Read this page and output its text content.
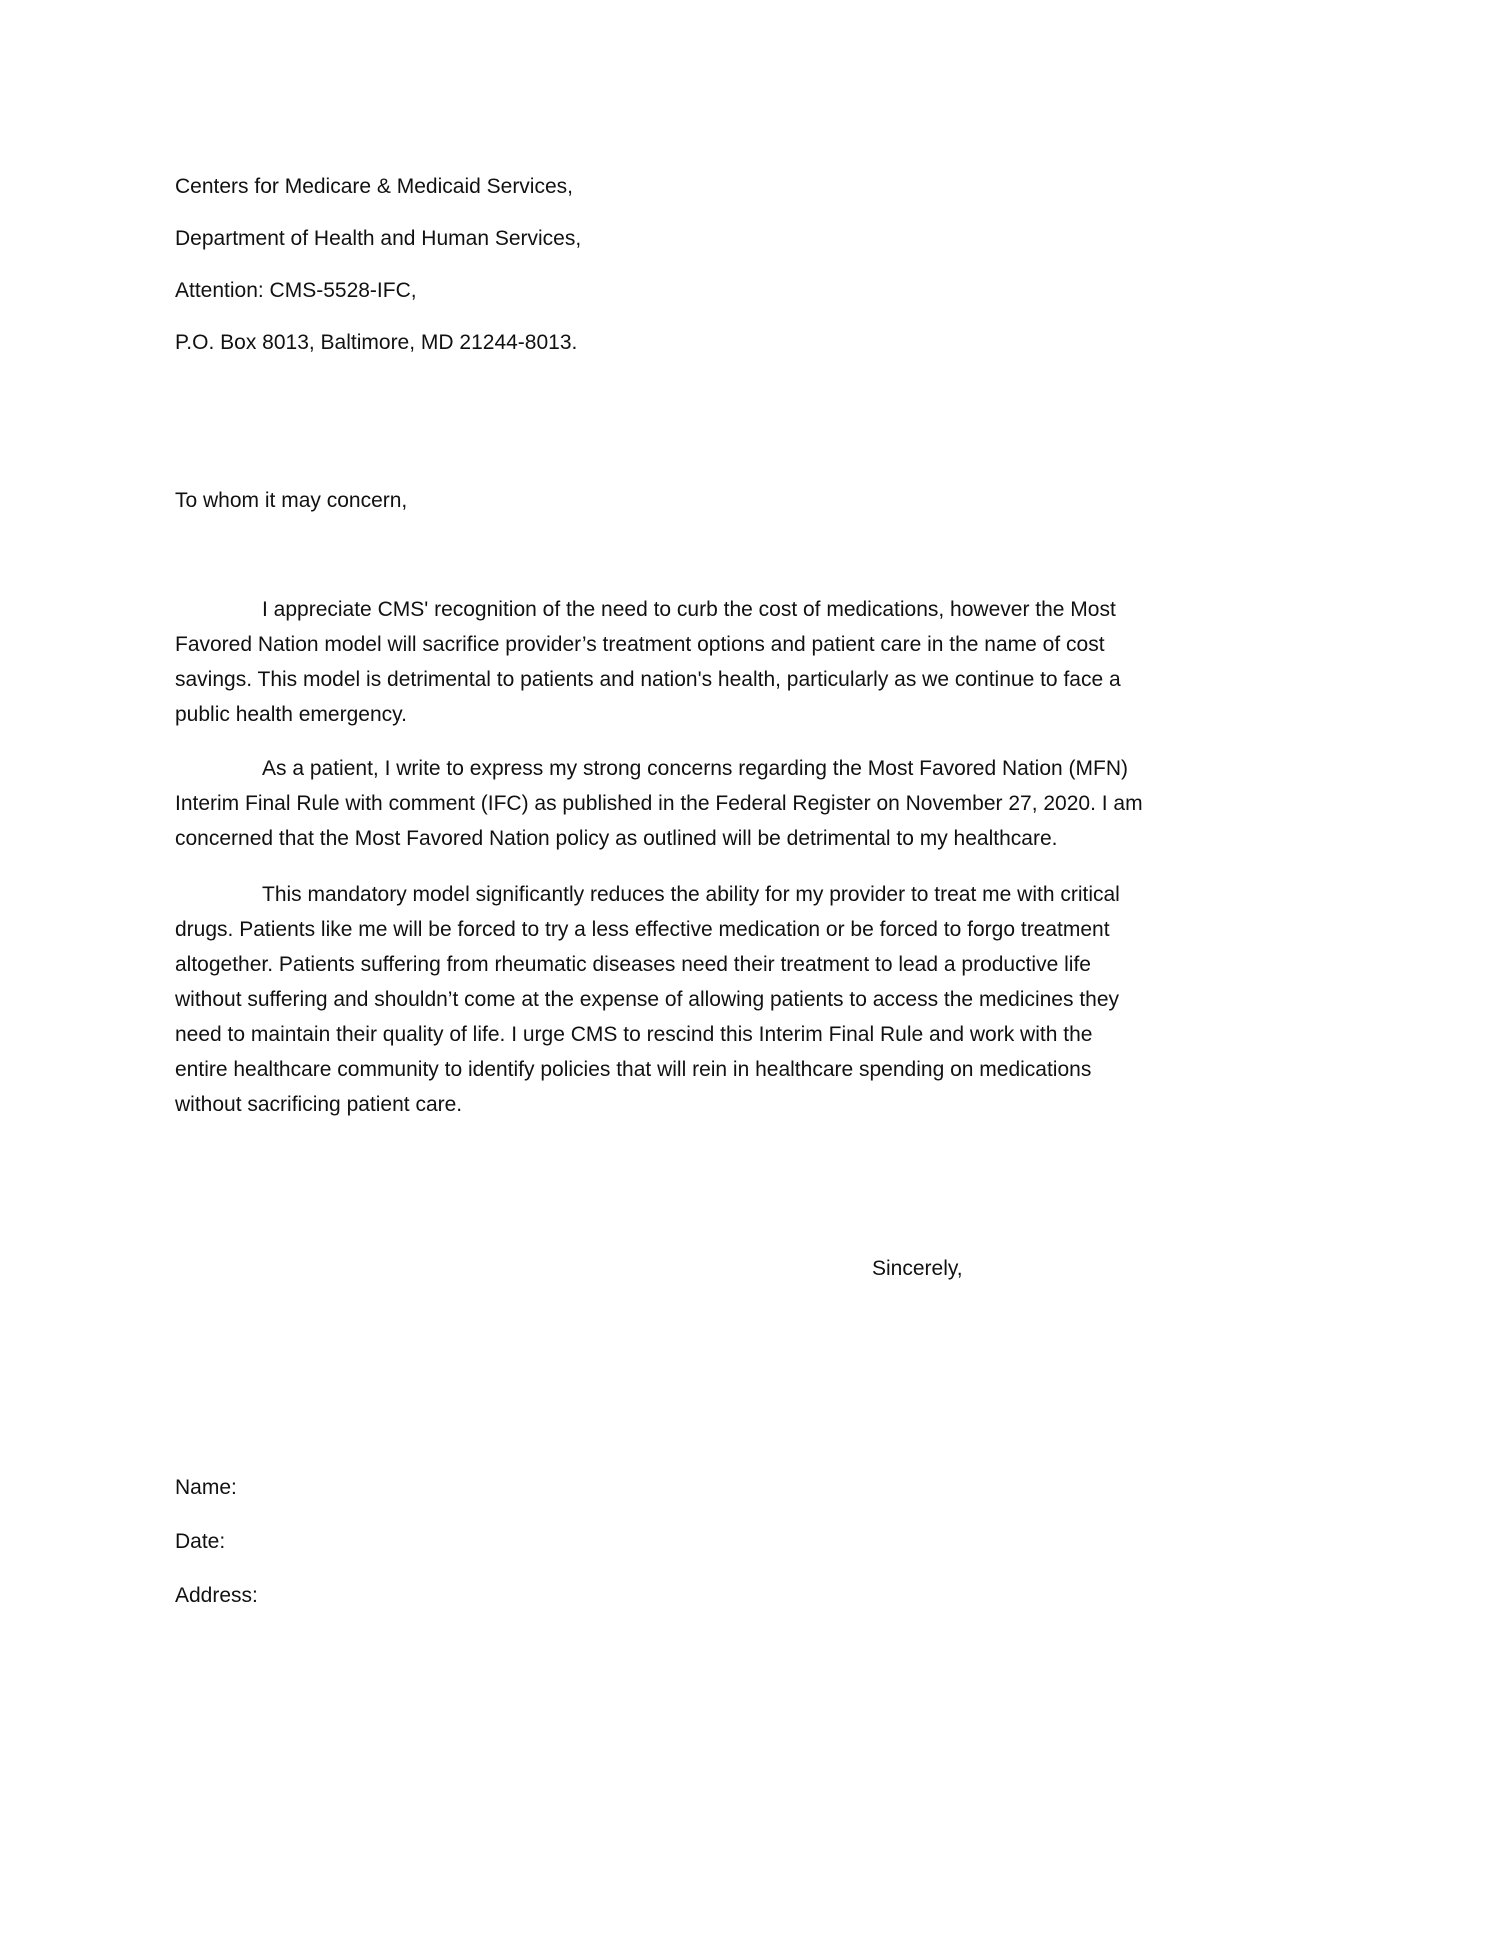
Centers for Medicare & Medicaid Services,
Department of Health and Human Services,
Attention: CMS-5528-IFC,
P.O. Box 8013, Baltimore, MD 21244-8013.
To whom it may concern,
I appreciate CMS' recognition of the need to curb the cost of medications, however the Most
Favored Nation model will sacrifice provider’s treatment options and patient care in the name of cost
savings. This model is detrimental to patients and nation's health, particularly as we continue to face a
public health emergency.
As a patient, I write to express my strong concerns regarding the Most Favored Nation (MFN)
Interim Final Rule with comment (IFC) as published in the Federal Register on November 27, 2020. I am
concerned that the Most Favored Nation policy as outlined will be detrimental to my healthcare.
This mandatory model significantly reduces the ability for my provider to treat me with critical
drugs. Patients like me will be forced to try a less effective medication or be forced to forgo treatment
altogether. Patients suffering from rheumatic diseases need their treatment to lead a productive life
without suffering and shouldn’t come at the expense of allowing patients to access the medicines they
need to maintain their quality of life. I urge CMS to rescind this Interim Final Rule and work with the
entire healthcare community to identify policies that will rein in healthcare spending on medications
without sacrificing patient care.
Sincerely,
Name:
Date:
Address:
